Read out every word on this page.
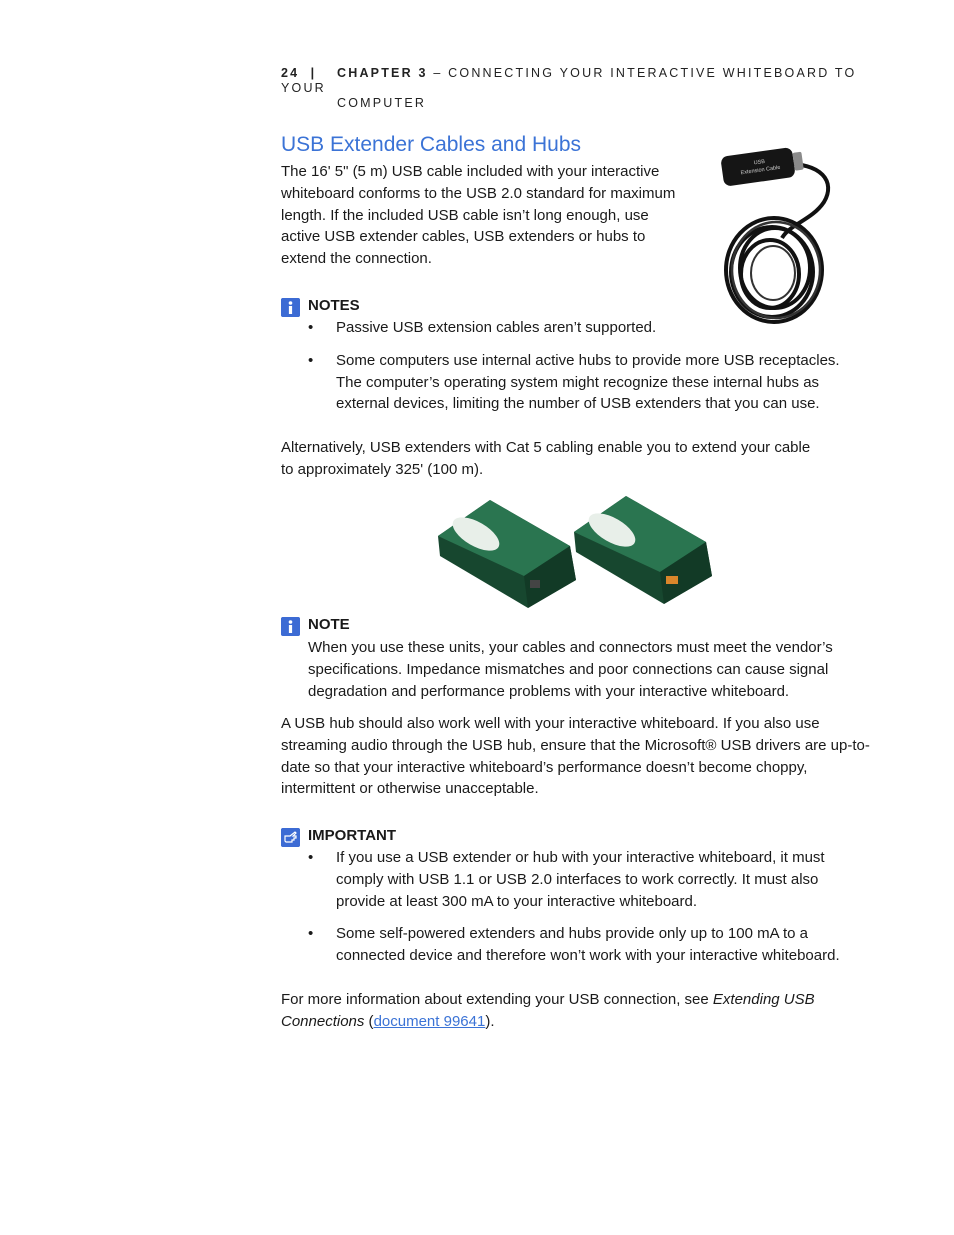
24 | CHAPTER 3 – CONNECTING YOUR INTERACTIVE WHITEBOARD TO YOUR
COMPUTER
USB Extender Cables and Hubs

The 16' 5" (5 m) USB cable included with your interactive whiteboard conforms to the USB 2.0 standard for maximum length. If the included USB cable isn’t long enough, use active USB extender cables, USB extenders or hubs to extend the connection.

USB
Extension Cable
NOTES
• Passive USB extension cables aren’t supported.
• Some computers use internal active hubs to provide more USB receptacles. The computer’s operating system might recognize these internal hubs as external devices, limiting the number of USB extenders that you can use.

Alternatively, USB extenders with Cat 5 cabling enable you to extend your cable
to approximately 325' (100 m).

NOTE

When you use these units, your cables and connectors must meet the vendor’s specifications. Impedance mismatches and poor connections can cause signal degradation and performance problems with your interactive whiteboard.

A USB hub should also work well with your interactive whiteboard. If you also use streaming audio through the USB hub, ensure that the Microsoft® USB drivers are up-to-date so that your interactive whiteboard’s performance doesn’t become choppy, intermittent or otherwise unacceptable.

IMPORTANT
• If you use a USB extender or hub with your interactive whiteboard, it must comply with USB 1.1 or USB 2.0 interfaces to work correctly. It must also provide at least 300 mA to your interactive whiteboard.
• Some self-powered extenders and hubs provide only up to 100 mA to a connected device and therefore won’t work with your interactive whiteboard.

For more information about extending your USB connection, see Extending USB Connections (document 99641).
